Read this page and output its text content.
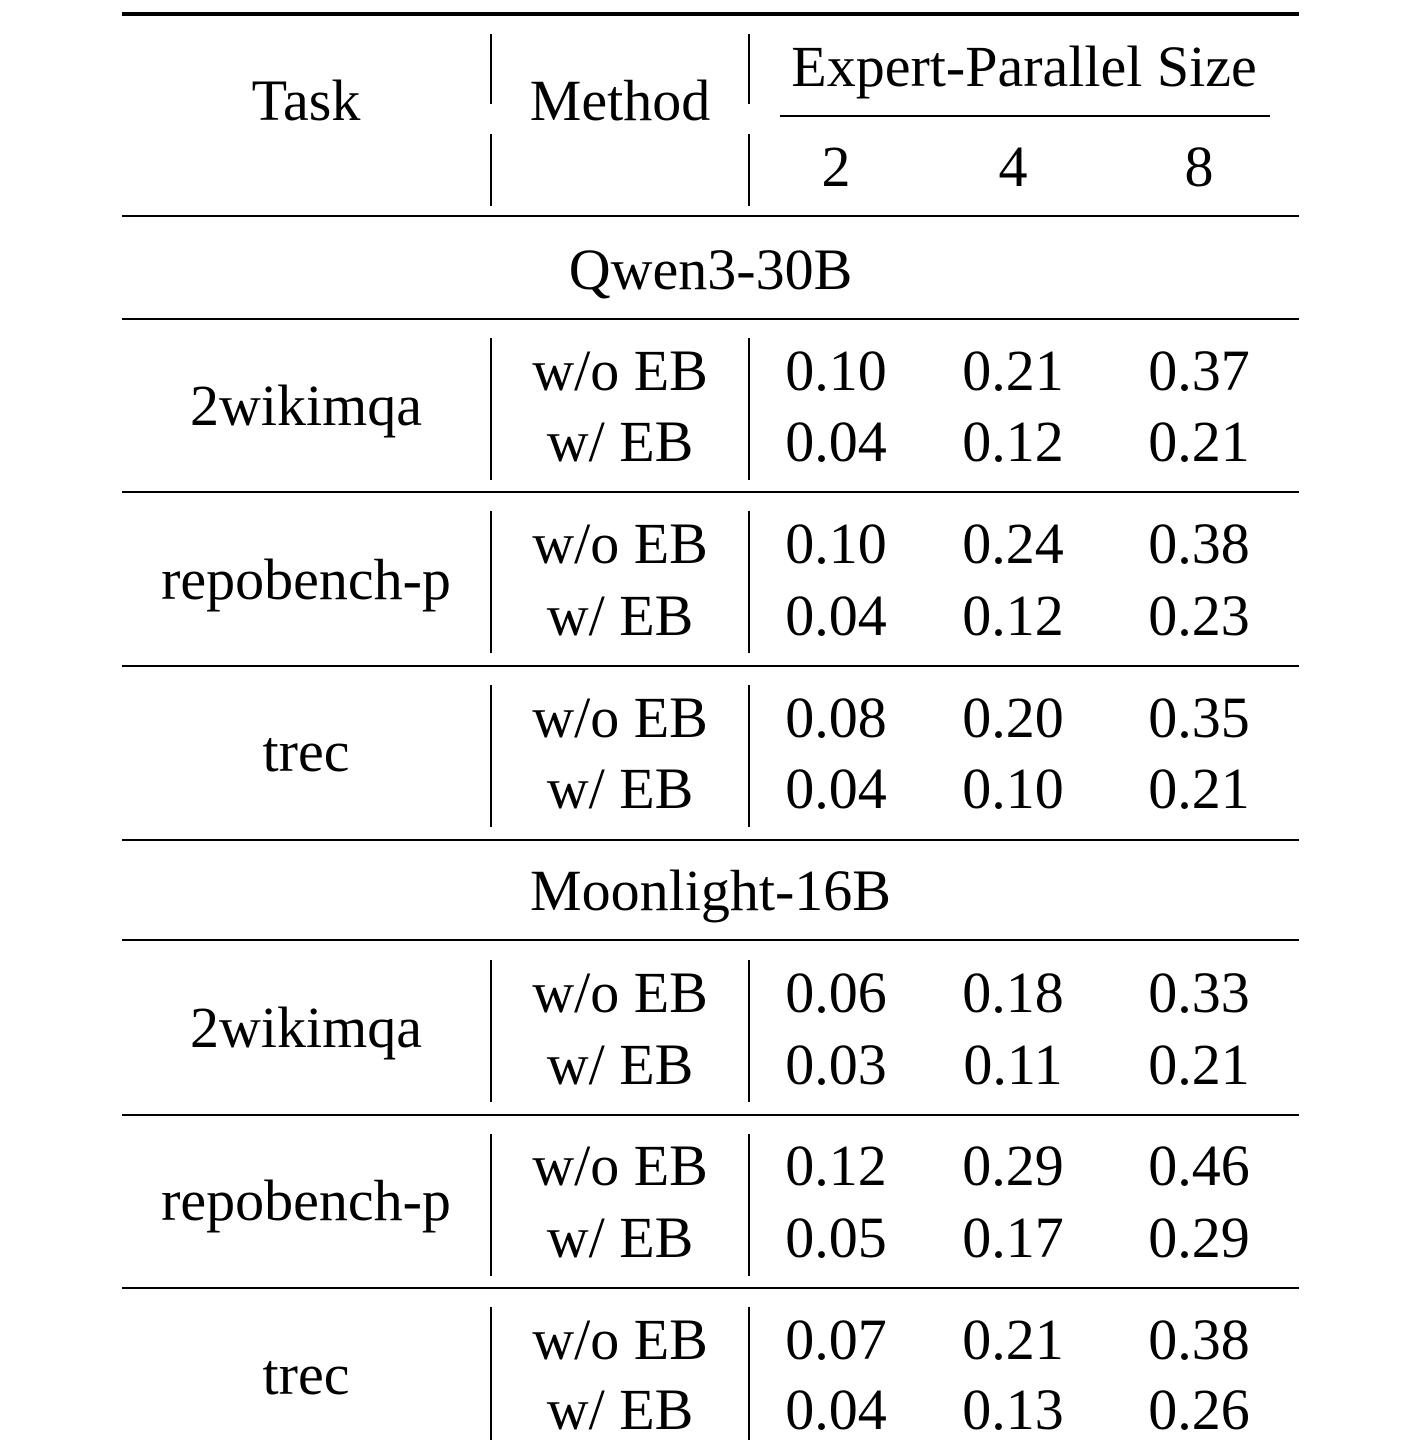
Task	Method
Expert-Parallel Size
2	4	8
Qwen3-30B
2wikimqa
w/o EB	0.10 0.21 0.37
w/ EB	0.04 0.12 0.21
repobench-p
w/o EB	0.10 0.24 0.38
w/ EB	0.04 0.12 0.23
trec
w/o EB	0.08 0.20 0.35
w/ EB	0.04 0.10 0.21
Moonlight-16B
2wikimqa
w/o EB	0.06 0.18 0.33
w/ EB	0.03 0.11 0.21
repobench-p
w/o EB	0.12 0.29 0.46
w/ EB	0.05 0.17 0.29
trec
w/o EB	0.07 0.21 0.38
w/ EB	0.04 0.13 0.26
